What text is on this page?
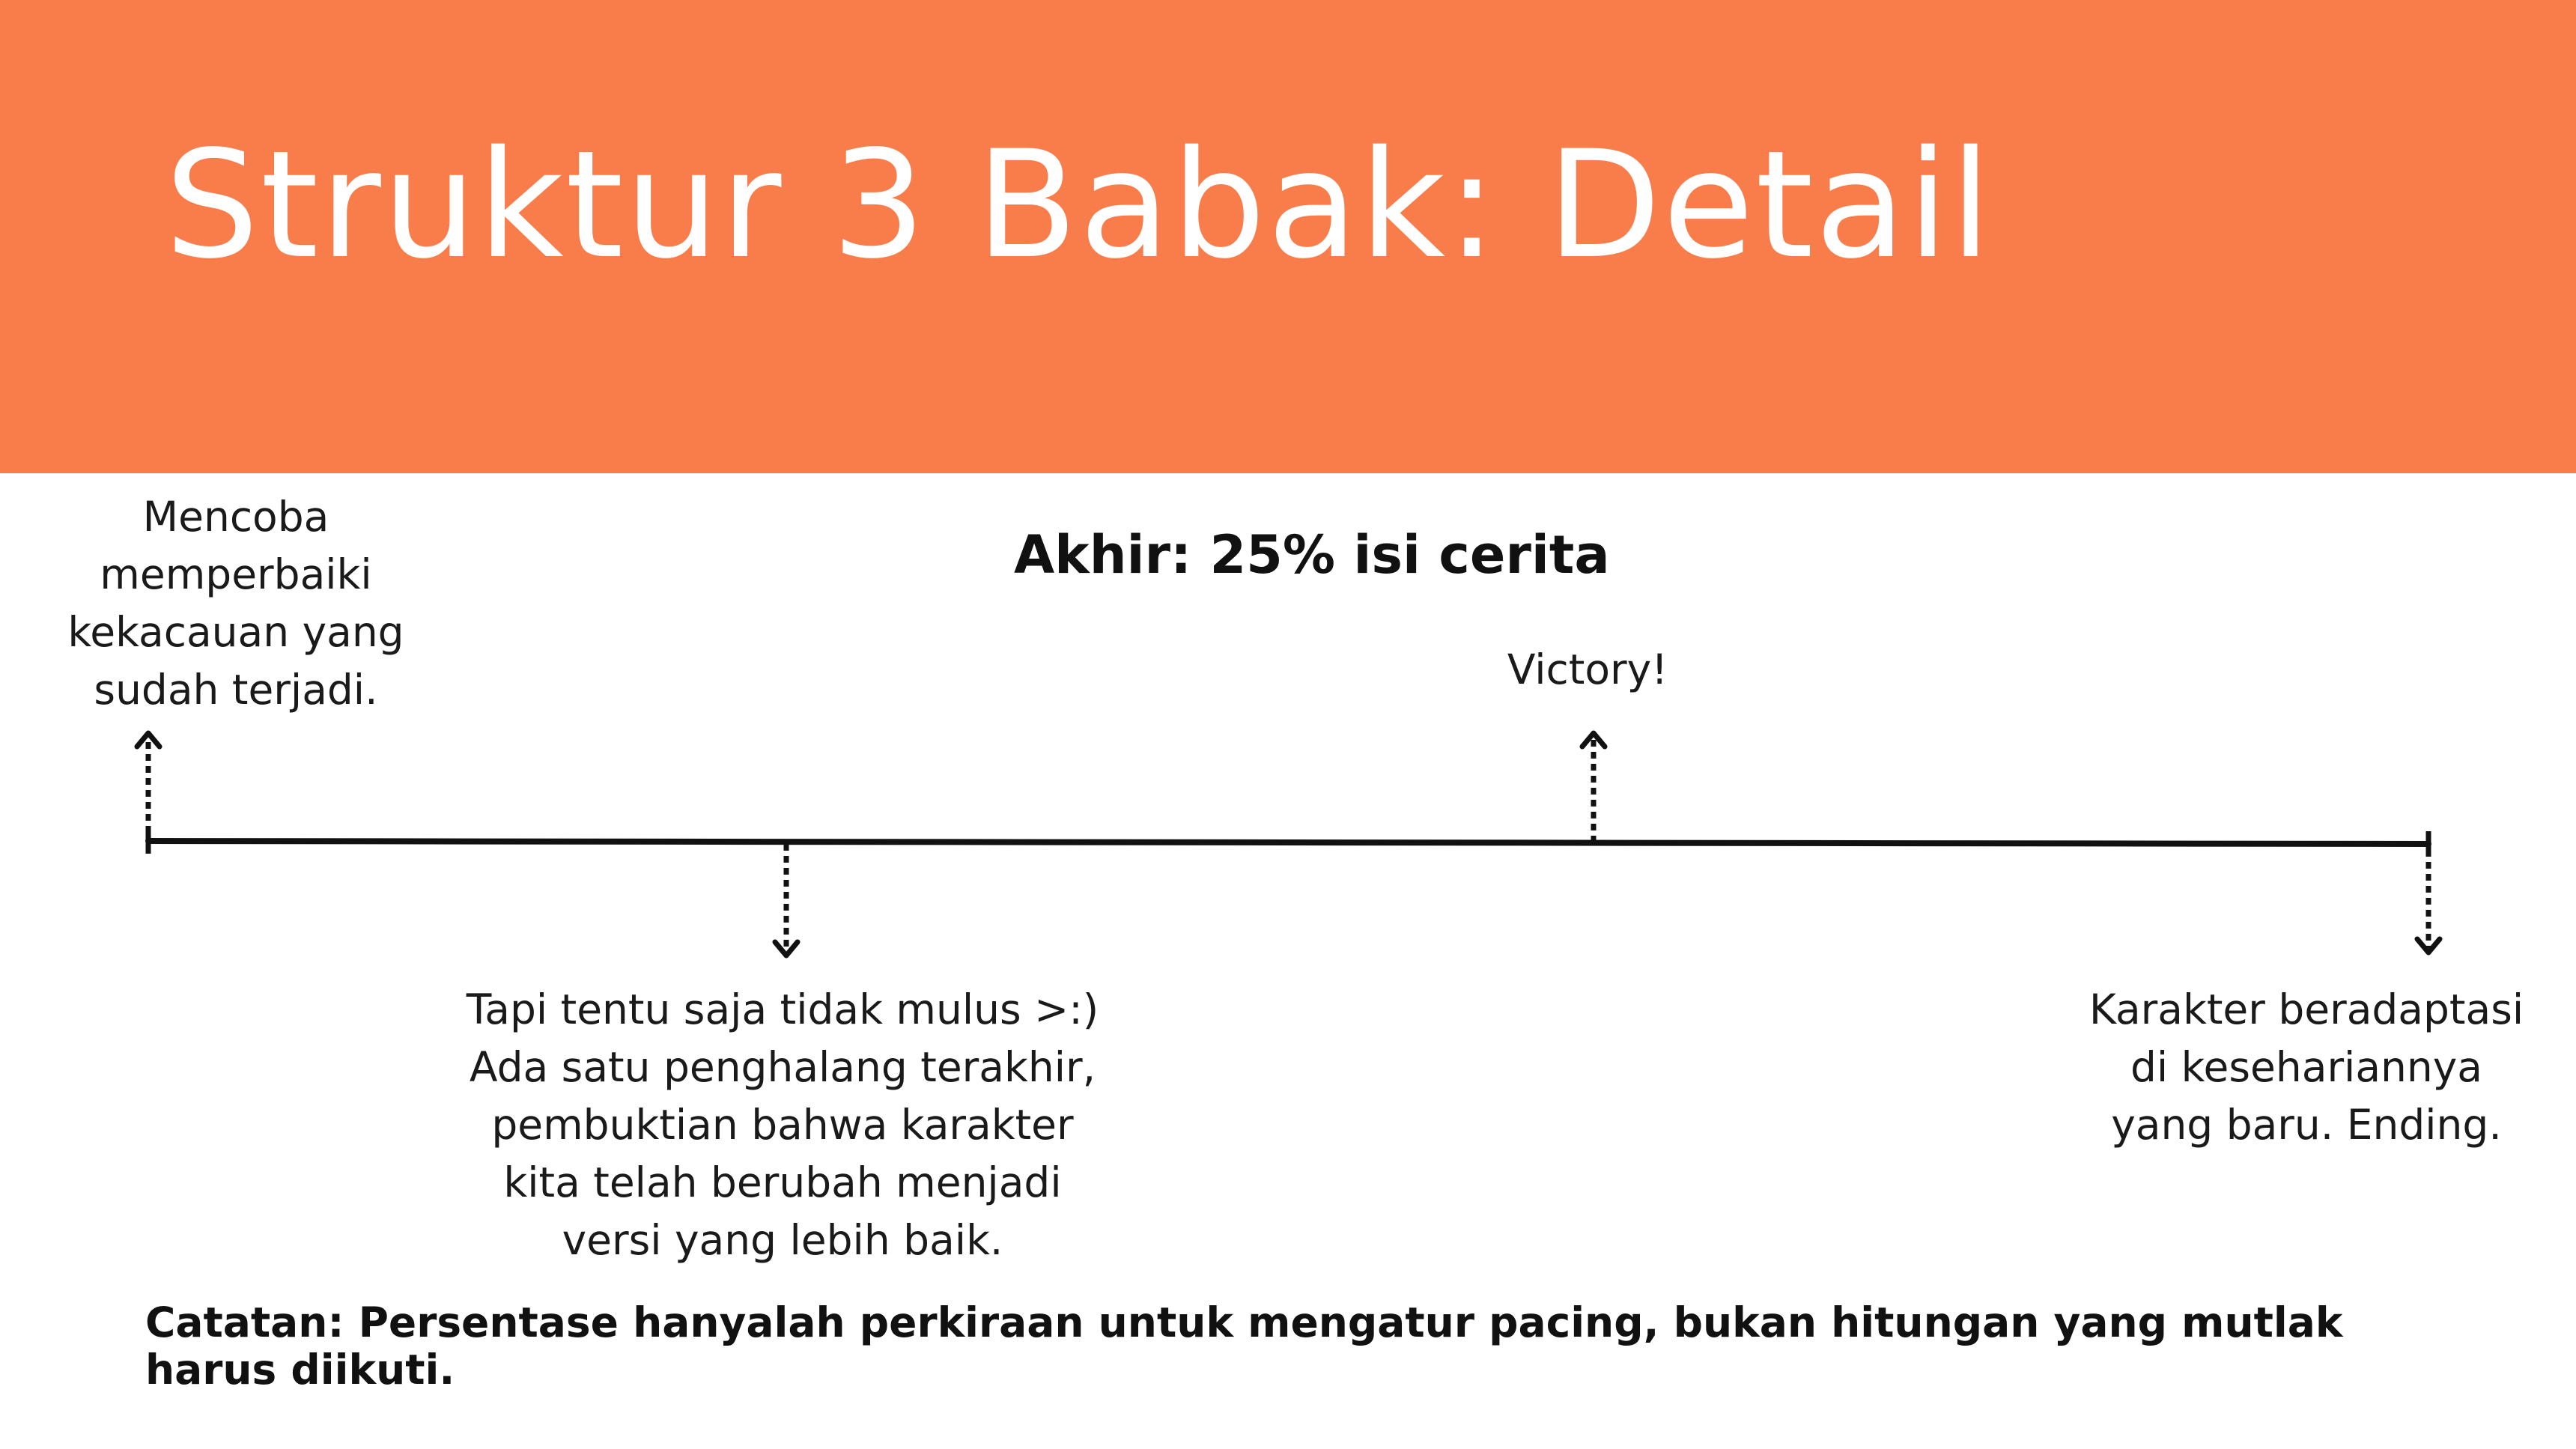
Struktur 3 Babak: Detail
Akhir: 25% isi cerita
Mencoba
memperbaiki
kekacauan yang
sudah terjadi.	Victory!
Tapi tentu saja tidak mulus >:)
Ada satu penghalang terakhir,
pembuktian bahwa karakter
kita telah berubah menjadi
versi yang lebih baik.
Karakter beradaptasi
di kesehariannya
yang baru. Ending.
Catatan: Persentase hanyalah perkiraan untuk mengatur pacing, bukan hitungan yang mutlak harus diikuti.
